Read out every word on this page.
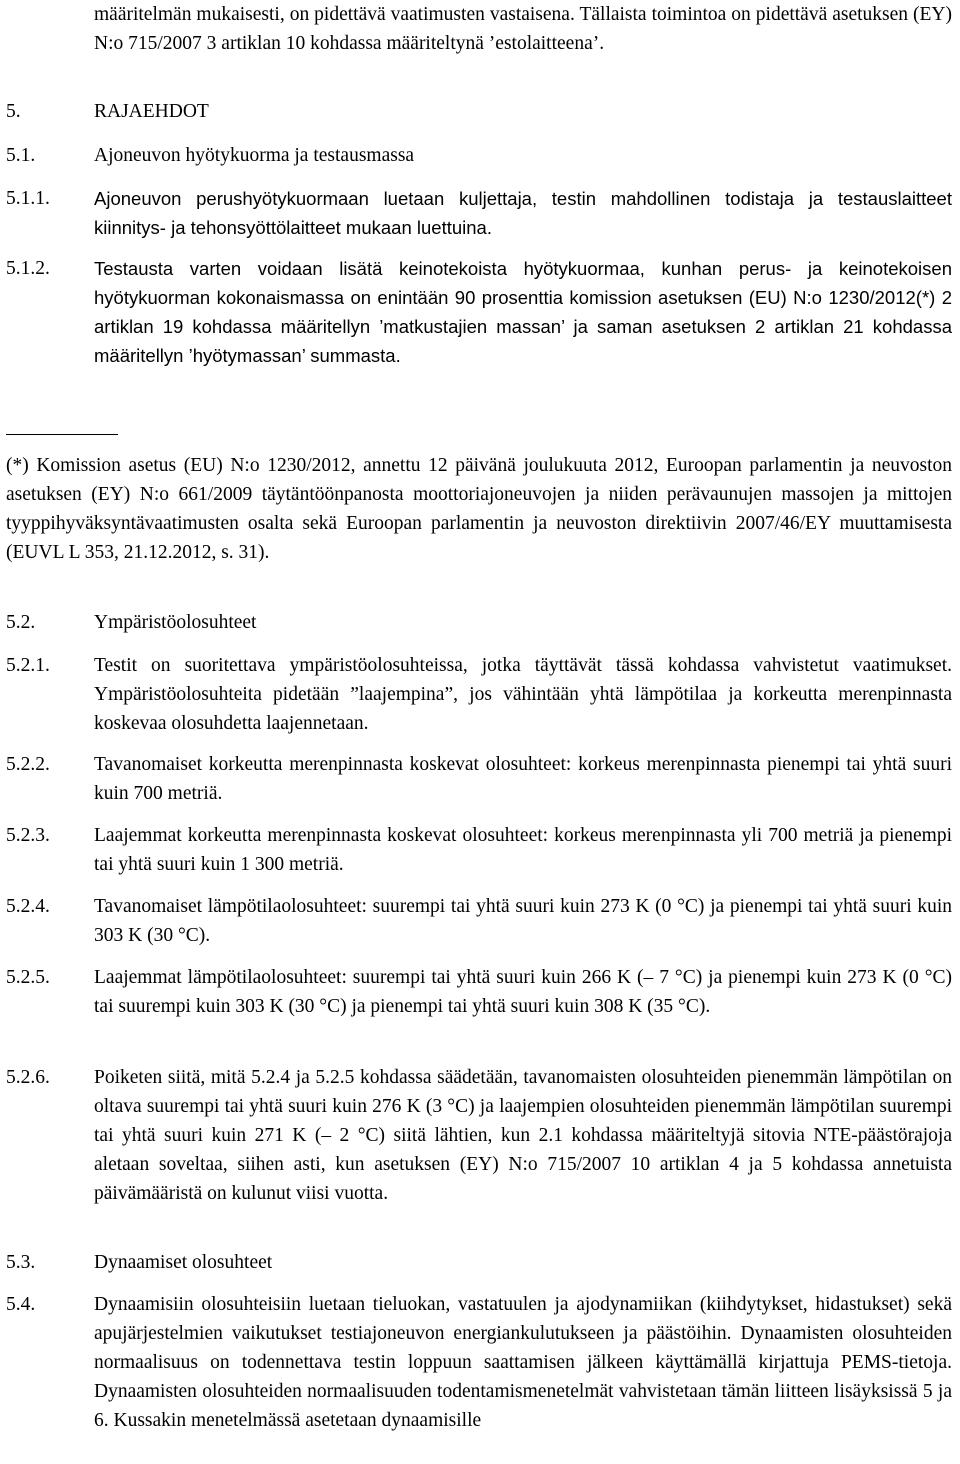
määritelmän mukaisesti, on pidettävä vaatimusten vastaisena. Tällaista toimintoa on pidettävä asetuksen (EY) N:o 715/2007 3 artiklan 10 kohdassa määriteltynä ’estolaitteena’.
5.	RAJAEHDOT
5.1.	Ajoneuvon hyötykuorma ja testausmassa
5.1.1.	Ajoneuvon perushyötykuormaan luetaan kuljettaja, testin mahdollinen todistaja ja testauslaitteet kiinnitys- ja tehonsyöttölaitteet mukaan luettuina.
5.1.2.	Testausta varten voidaan lisätä keinotekoista hyötykuormaa, kunhan perus- ja keinotekoisen hyötykuorman kokonaismassa on enintään 90 prosenttia komission asetuksen (EU) N:o 1230/2012(*) 2 artiklan 19 kohdassa määritellyn ’matkustajien massan’ ja saman asetuksen 2 artiklan 21 kohdassa määritellyn ’hyötymassan’ summasta.
(*) Komission asetus (EU) N:o 1230/2012, annettu 12 päivänä joulukuuta 2012, Euroopan parlamentin ja neuvoston asetuksen (EY) N:o 661/2009 täytäntöönpanosta moottoriajoneuvojen ja niiden perävaunujen massojen ja mittojen tyyppihyväksyntävaatimusten osalta sekä Euroopan parlamentin ja neuvoston direktiivin 2007/46/EY muuttamisesta (EUVL L 353, 21.12.2012, s. 31).
5.2.	Ympäristöolosuhteet
5.2.1.	Testit on suoritettava ympäristöolosuhteissa, jotka täyttävät tässä kohdassa vahvistetut vaatimukset. Ympäristöolosuhteita pidetään ”laajempina”, jos vähintään yhtä lämpötilaa ja korkeutta merenpinnasta koskevaa olosuhdetta laajennetaan.
5.2.2.	Tavanomaiset korkeutta merenpinnasta koskevat olosuhteet: korkeus merenpinnasta pienempi tai yhtä suuri kuin 700 metriä.
5.2.3.	Laajemmat korkeutta merenpinnasta koskevat olosuhteet: korkeus merenpinnasta yli 700 metriä ja pienempi tai yhtä suuri kuin 1 300 metriä.
5.2.4.	Tavanomaiset lämpötilaolosuhteet: suurempi tai yhtä suuri kuin 273 K (0 °C) ja pienempi tai yhtä suuri kuin 303 K (30 °C).
5.2.5.	Laajemmat lämpötilaolosuhteet: suurempi tai yhtä suuri kuin 266 K (– 7 °C) ja pienempi kuin 273 K (0 °C) tai suurempi kuin 303 K (30 °C) ja pienempi tai yhtä suuri kuin 308 K (35 °C).
5.2.6.	Poiketen siitä, mitä 5.2.4 ja 5.2.5 kohdassa säädetään, tavanomaisten olosuhteiden pienemmän lämpötilan on oltava suurempi tai yhtä suuri kuin 276 K (3 °C) ja laajempien olosuhteiden pienemmän lämpötilan suurempi tai yhtä suuri kuin 271 K (– 2 °C) siitä lähtien, kun 2.1 kohdassa määriteltyjä sitovia NTE-päästörajoja aletaan soveltaa, siihen asti, kun asetuksen (EY) N:o 715/2007 10 artiklan 4 ja 5 kohdassa annetuista päivämääristä on kulunut viisi vuotta.
5.3.	Dynaamiset olosuhteet
5.4.	Dynaamisiin olosuhteisiin luetaan tieluokan, vastatuulen ja ajodynamiikan (kiihdytykset, hidastukset) sekä apujärjestelmien vaikutukset testiajoneuvon energiankulutukseen ja päästöihin. Dynaamisten olosuhteiden normaalisuus on todennettava testin loppuun saattamisen jälkeen käyttämällä kirjattuja PEMS-tietoja. Dynaamisten olosuhteiden normaalisuuden todentamismenetelmät vahvistetaan tämän liitteen lisäyksissä 5 ja 6. Kussakin menetelmässä asetetaan dynaamisille
